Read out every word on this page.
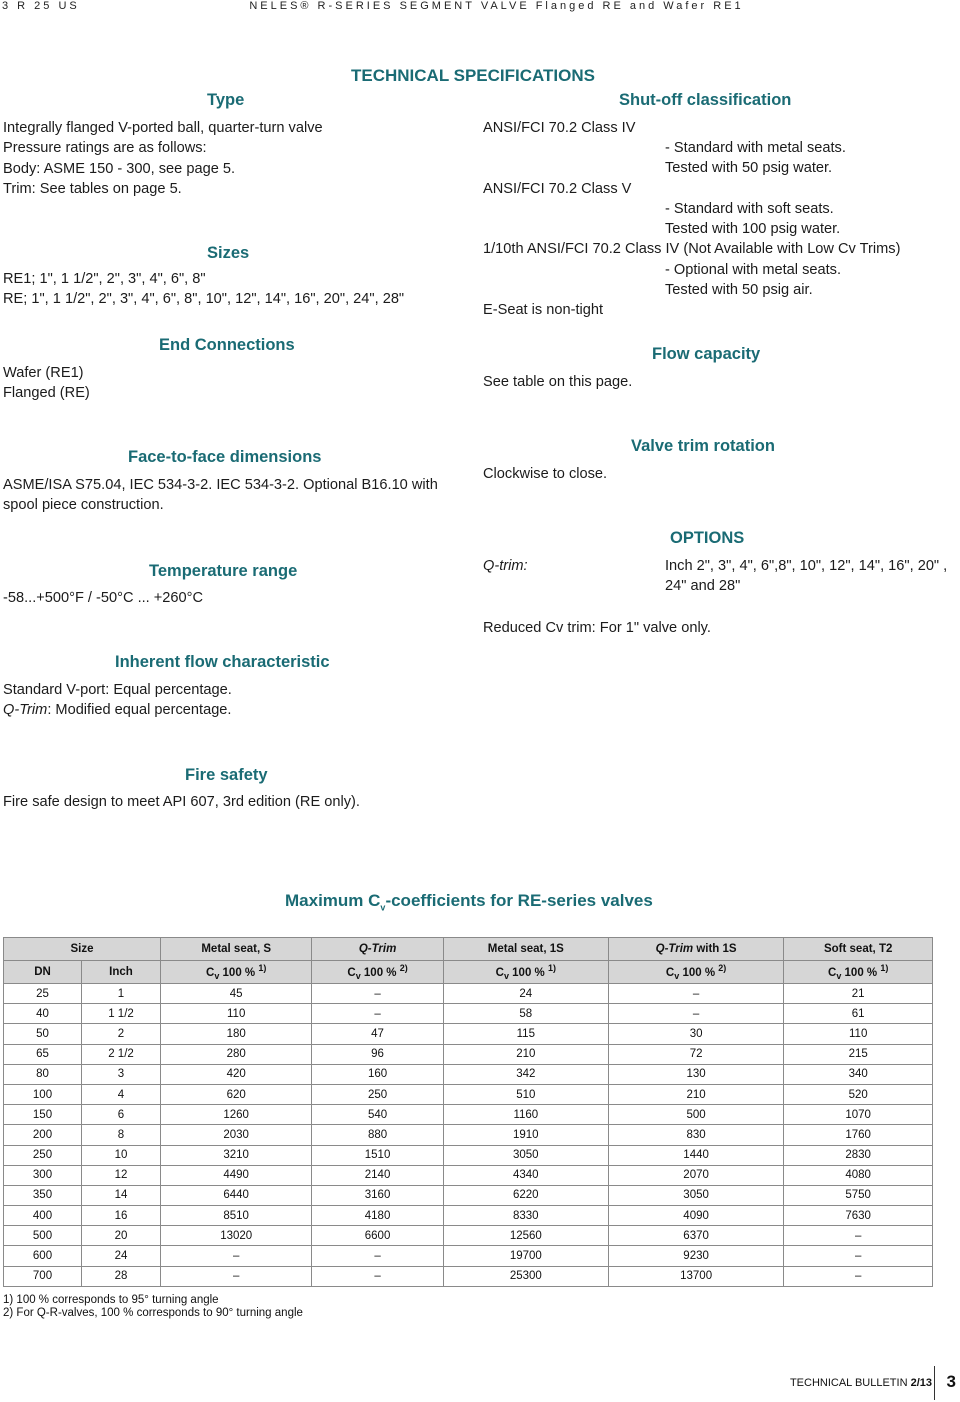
3 R 25 US	NELES® R-SERIES SEGMENT VALVE Flanged RE and Wafer RE1
TECHNICAL SPECIFICATIONS
Type
Integrally flanged V-ported ball, quarter-turn valve
Pressure ratings are as follows:
Body: ASME 150 - 300, see page 5.
Trim: See tables on page 5.
Sizes
RE1; 1", 1 1/2", 2", 3", 4", 6", 8"
RE; 1", 1 1/2", 2", 3", 4", 6", 8", 10", 12", 14", 16", 20", 24", 28"
End Connections
Wafer (RE1)
Flanged (RE)
Face-to-face dimensions
ASME/ISA S75.04, IEC 534-3-2. IEC 534-3-2. Optional B16.10 with
spool piece construction.
Temperature range
-58...+500°F / -50°C ... +260°C
Inherent flow characteristic
Standard V-port: Equal percentage.
Q-Trim: Modified equal percentage.
Fire safety
Fire safe design to meet API 607, 3rd edition (RE only).
Shut-off classification
ANSI/FCI 70.2 Class IV
- Standard with metal seats.
Tested with 50 psig water.
ANSI/FCI 70.2 Class V
- Standard with soft seats.
Tested with 100 psig water.
1/10th ANSI/FCI 70.2 Class IV (Not Available with Low Cv Trims)
- Optional with metal seats.
Tested with 50 psig air.
E-Seat is non-tight
Flow capacity
See table on this page.
Valve trim rotation
Clockwise to close.
OPTIONS
Q-trim:	Inch 2", 3", 4", 6",8", 10", 12", 14", 16", 20" ,
24" and 28"
Reduced Cv trim: For 1" valve only.
Maximum $C_v$-coefficients for RE-series valves
Size		Metal seat, S	Q-Trim	Metal seat, 1S	Q-Trim with 1S	Soft seat, T2
DN	Inch	$C_v$ 100 % $^{1)}$	$C_v$ 100 % $^{2)}$	$C_v$ 100 % $^{1)}$	$C_v$ 100 % $^{2)}$	$C_v$ 100 % $^{1)}$
25	1	45	–	24	–	21
40	1 1/2	110	–	58	–	61
50	2	180	47	115	30	110
65	2 1/2	280	96	210	72	215
80	3	420	160	342	130	340
100	4	620	250	510	210	520
150	6	1260	540	1160	500	1070
200	8	2030	880	1910	830	1760
250	10	3210	1510	3050	1440	2830
300	12	4490	2140	4340	2070	4080
350	14	6440	3160	6220	3050	5750
400	16	8510	4180	8330	4090	7630
500	20	13020	6600	12560	6370	–
600	24	–	–	19700	9230	–
700	28	–	–	25300	13700	–
1) 100 % corresponds to 95° turning angle
2) For Q-R-valves, 100 % corresponds to 90° turning angle
TECHNICAL BULLETIN 2/13 3
